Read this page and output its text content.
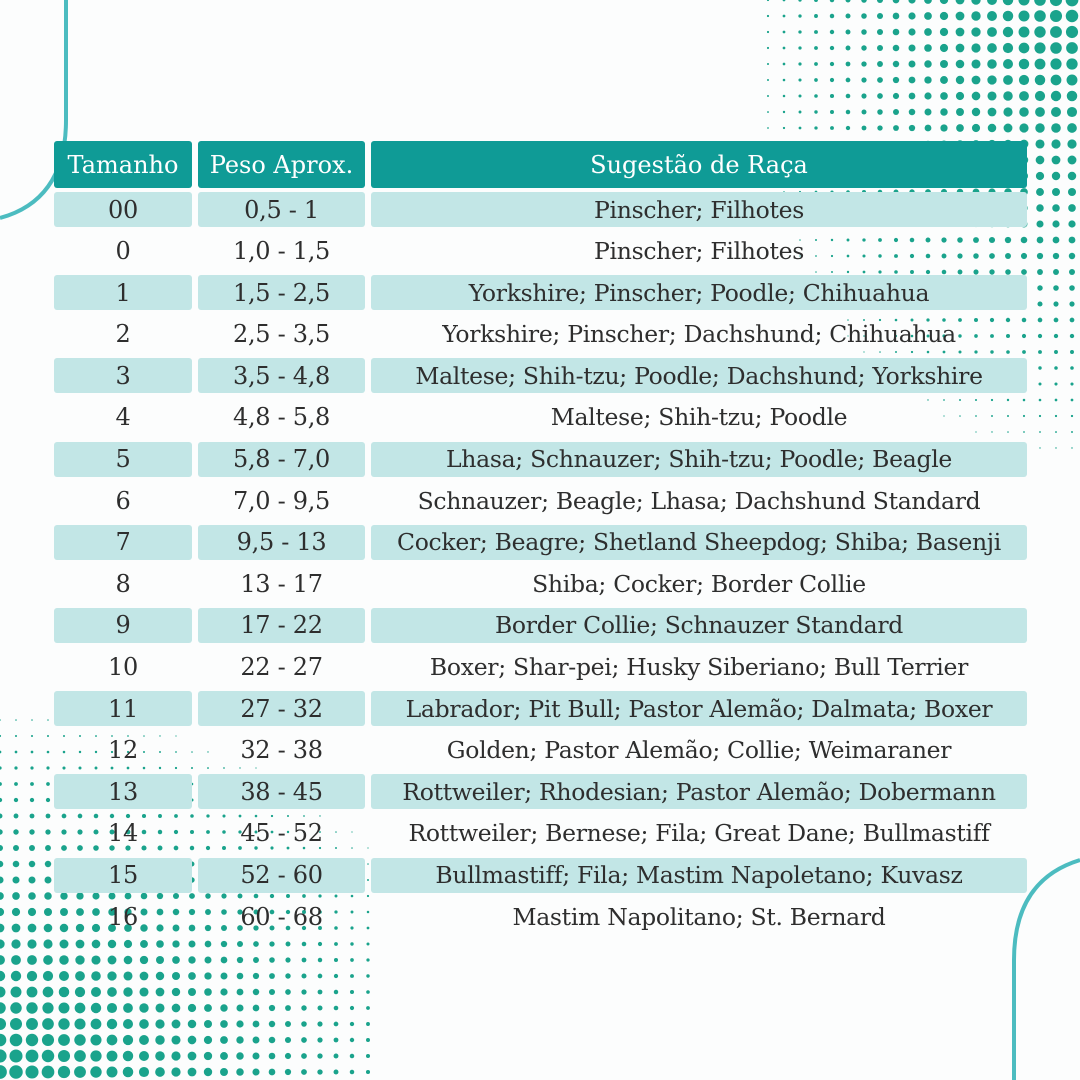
Tamanho	Peso Aprox.	Sugestão de Raça
00	0,5 - 1	Pinscher; Filhotes
0	1,0 - 1,5	Pinscher; Filhotes
1	1,5 - 2,5	Yorkshire; Pinscher; Poodle; Chihuahua
2	2,5 - 3,5	Yorkshire; Pinscher; Dachshund; Chihuahua
3	3,5 - 4,8	Maltese; Shih-tzu; Poodle; Dachshund; Yorkshire
4	4,8 - 5,8	Maltese; Shih-tzu; Poodle
5	5,8 - 7,0	Lhasa; Schnauzer; Shih-tzu; Poodle; Beagle
6	7,0 - 9,5	Schnauzer; Beagle; Lhasa; Dachshund Standard
7	9,5 - 13	Cocker; Beagre; Shetland Sheepdog; Shiba; Basenji
8	13 - 17	Shiba; Cocker; Border Collie
9	17 - 22	Border Collie; Schnauzer Standard
10	22 - 27	Boxer; Shar-pei; Husky Siberiano; Bull Terrier
11	27 - 32	Labrador; Pit Bull; Pastor Alemão; Dalmata; Boxer
12	32 - 38	Golden; Pastor Alemão; Collie; Weimaraner
13	38 - 45	Rottweiler; Rhodesian; Pastor Alemão; Dobermann
14	45 - 52	Rottweiler; Bernese; Fila; Great Dane; Bullmastiff
15	52 - 60	Bullmastiff; Fila; Mastim Napoletano; Kuvasz
16	60 - 68	Mastim Napolitano; St. Bernard
